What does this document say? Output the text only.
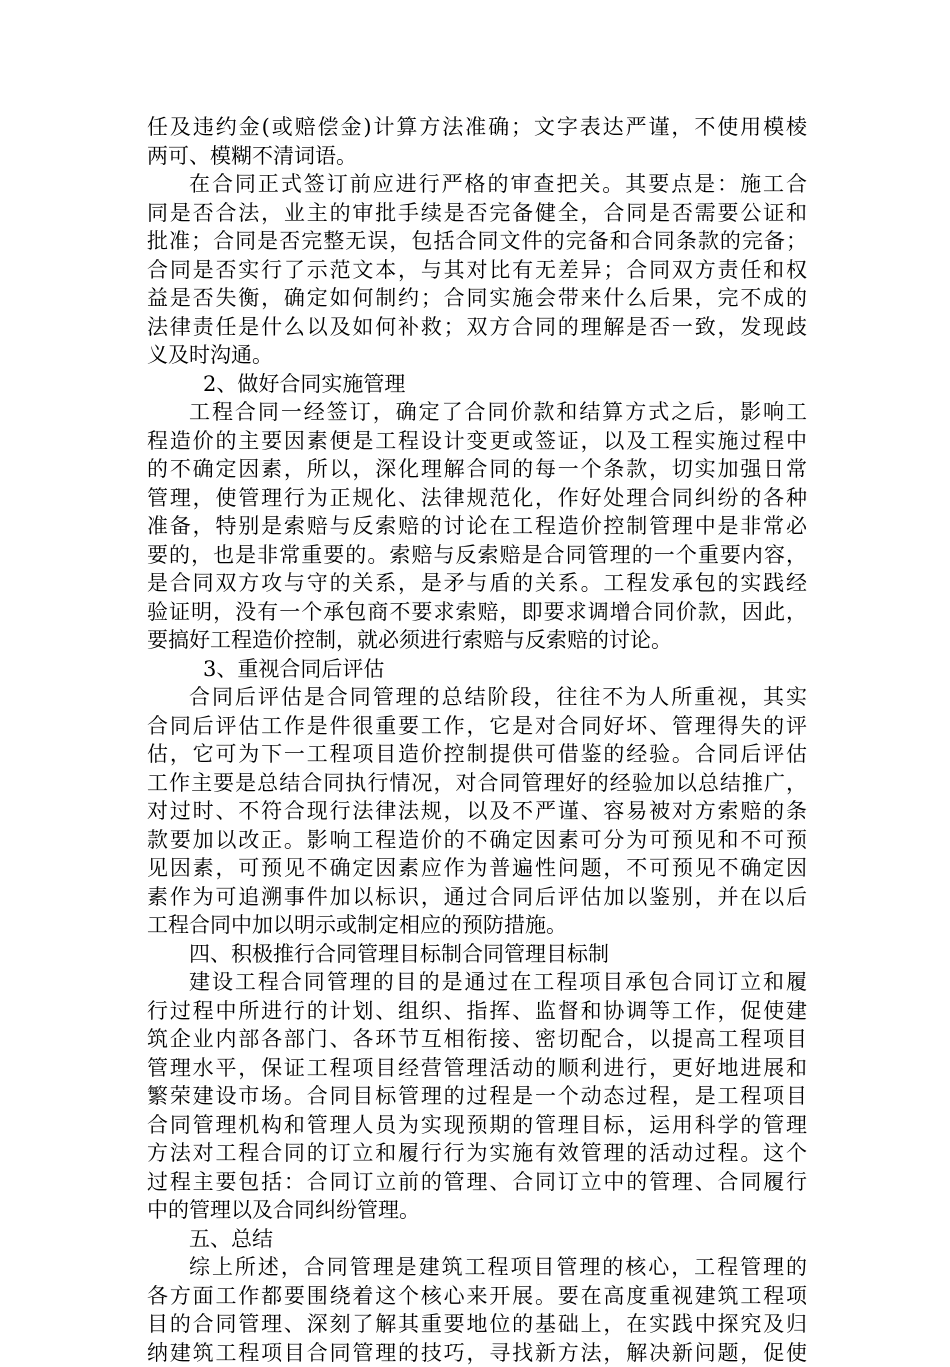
任及违约金(或赔偿金)计算方法准确；文字表达严谨，不使用模棱
两可、模糊不清词语。
在合同正式签订前应进行严格的审查把关。其要点是：施工合
同是否合法，业主的审批手续是否完备健全，合同是否需要公证和
批准；合同是否完整无误，包括合同文件的完备和合同条款的完备；
合同是否实行了示范文本，与其对比有无差异；合同双方责任和权
益是否失衡，确定如何制约；合同实施会带来什么后果，完不成的
法律责任是什么以及如何补救；双方合同的理解是否一致，发现歧
义及时沟通。
2、做好合同实施管理
工程合同一经签订，确定了合同价款和结算方式之后，影响工
程造价的主要因素便是工程设计变更或签证，以及工程实施过程中
的不确定因素，所以，深化理解合同的每一个条款，切实加强日常
管理，使管理行为正规化、法律规范化，作好处理合同纠纷的各种
准备，特别是索赔与反索赔的讨论在工程造价控制管理中是非常必
要的，也是非常重要的。索赔与反索赔是合同管理的一个重要内容，
是合同双方攻与守的关系，是矛与盾的关系。工程发承包的实践经
验证明，没有一个承包商不要求索赔，即要求调增合同价款，因此，
要搞好工程造价控制，就必须进行索赔与反索赔的讨论。
3、重视合同后评估
合同后评估是合同管理的总结阶段，往往不为人所重视，其实
合同后评估工作是件很重要工作，它是对合同好坏、管理得失的评
估，它可为下一工程项目造价控制提供可借鉴的经验。合同后评估
工作主要是总结合同执行情况，对合同管理好的经验加以总结推广，
对过时、不符合现行法律法规，以及不严谨、容易被对方索赔的条
款要加以改正。影响工程造价的不确定因素可分为可预见和不可预
见因素，可预见不确定因素应作为普遍性问题，不可预见不确定因
素作为可追溯事件加以标识，通过合同后评估加以鉴别，并在以后
工程合同中加以明示或制定相应的预防措施。
四、积极推行合同管理目标制合同管理目标制
建设工程合同管理的目的是通过在工程项目承包合同订立和履
行过程中所进行的计划、组织、指挥、监督和协调等工作，促使建
筑企业内部各部门、各环节互相衔接、密切配合，以提高工程项目
管理水平，保证工程项目经营管理活动的顺利进行，更好地进展和
繁荣建设市场。合同目标管理的过程是一个动态过程，是工程项目
合同管理机构和管理人员为实现预期的管理目标，运用科学的管理
方法对工程合同的订立和履行行为实施有效管理的活动过程。这个
过程主要包括：合同订立前的管理、合同订立中的管理、合同履行
中的管理以及合同纠纷管理。
五、总结
综上所述，合同管理是建筑工程项目管理的核心，工程管理的
各方面工作都要围绕着这个核心来开展。要在高度重视建筑工程项
目的合同管理、深刻了解其重要地位的基础上，在实践中探究及归
纳建筑工程项目合同管理的技巧，寻找新方法，解决新问题，促使
